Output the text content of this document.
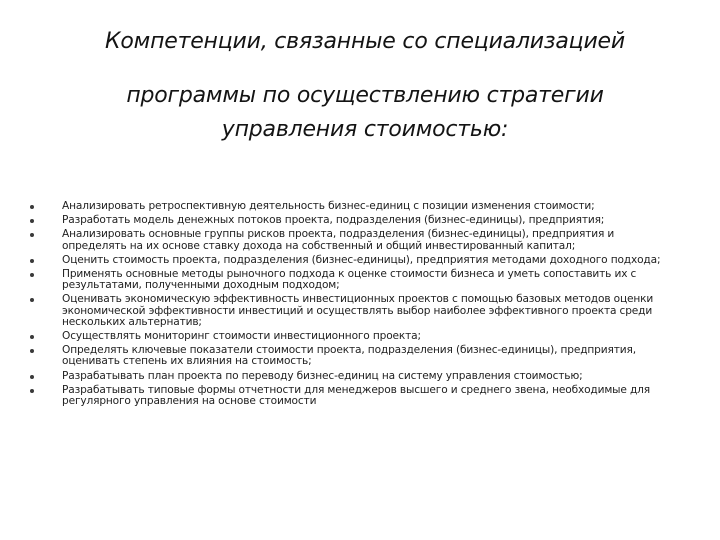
Компетенции, связанные со специализацией
программы по осуществлению стратегии
управления стоимостью:
Анализировать ретроспективную деятельность бизнес-единиц с позиции изменения стоимости;
Разработать модель денежных потоков проекта, подразделения (бизнес-единицы), предприятия;
Анализировать основные группы рисков проекта, подразделения (бизнес-единицы), предприятия и определять на их основе ставку дохода на собственный и общий инвестированный капитал;
Оценить стоимость проекта, подразделения (бизнес-единицы), предприятия методами доходного подхода;
Применять основные методы рыночного подхода к оценке стоимости бизнеса и уметь сопоставить их с результатами, полученными доходным подходом;
Оценивать экономическую эффективность инвестиционных проектов с помощью базовых методов оценки экономической эффективности инвестиций и осуществлять выбор наиболее эффективного проекта среди нескольких альтернатив;
Осуществлять мониторинг стоимости инвестиционного проекта;
Определять ключевые показатели стоимости проекта, подразделения (бизнес-единицы), предприятия, оценивать степень их влияния на стоимость;
Разрабатывать план проекта по переводу бизнес-единиц на систему управления стоимостью;
Разрабатывать типовые формы отчетности для менеджеров высшего и среднего звена, необходимые для регулярного управления на основе стоимости
